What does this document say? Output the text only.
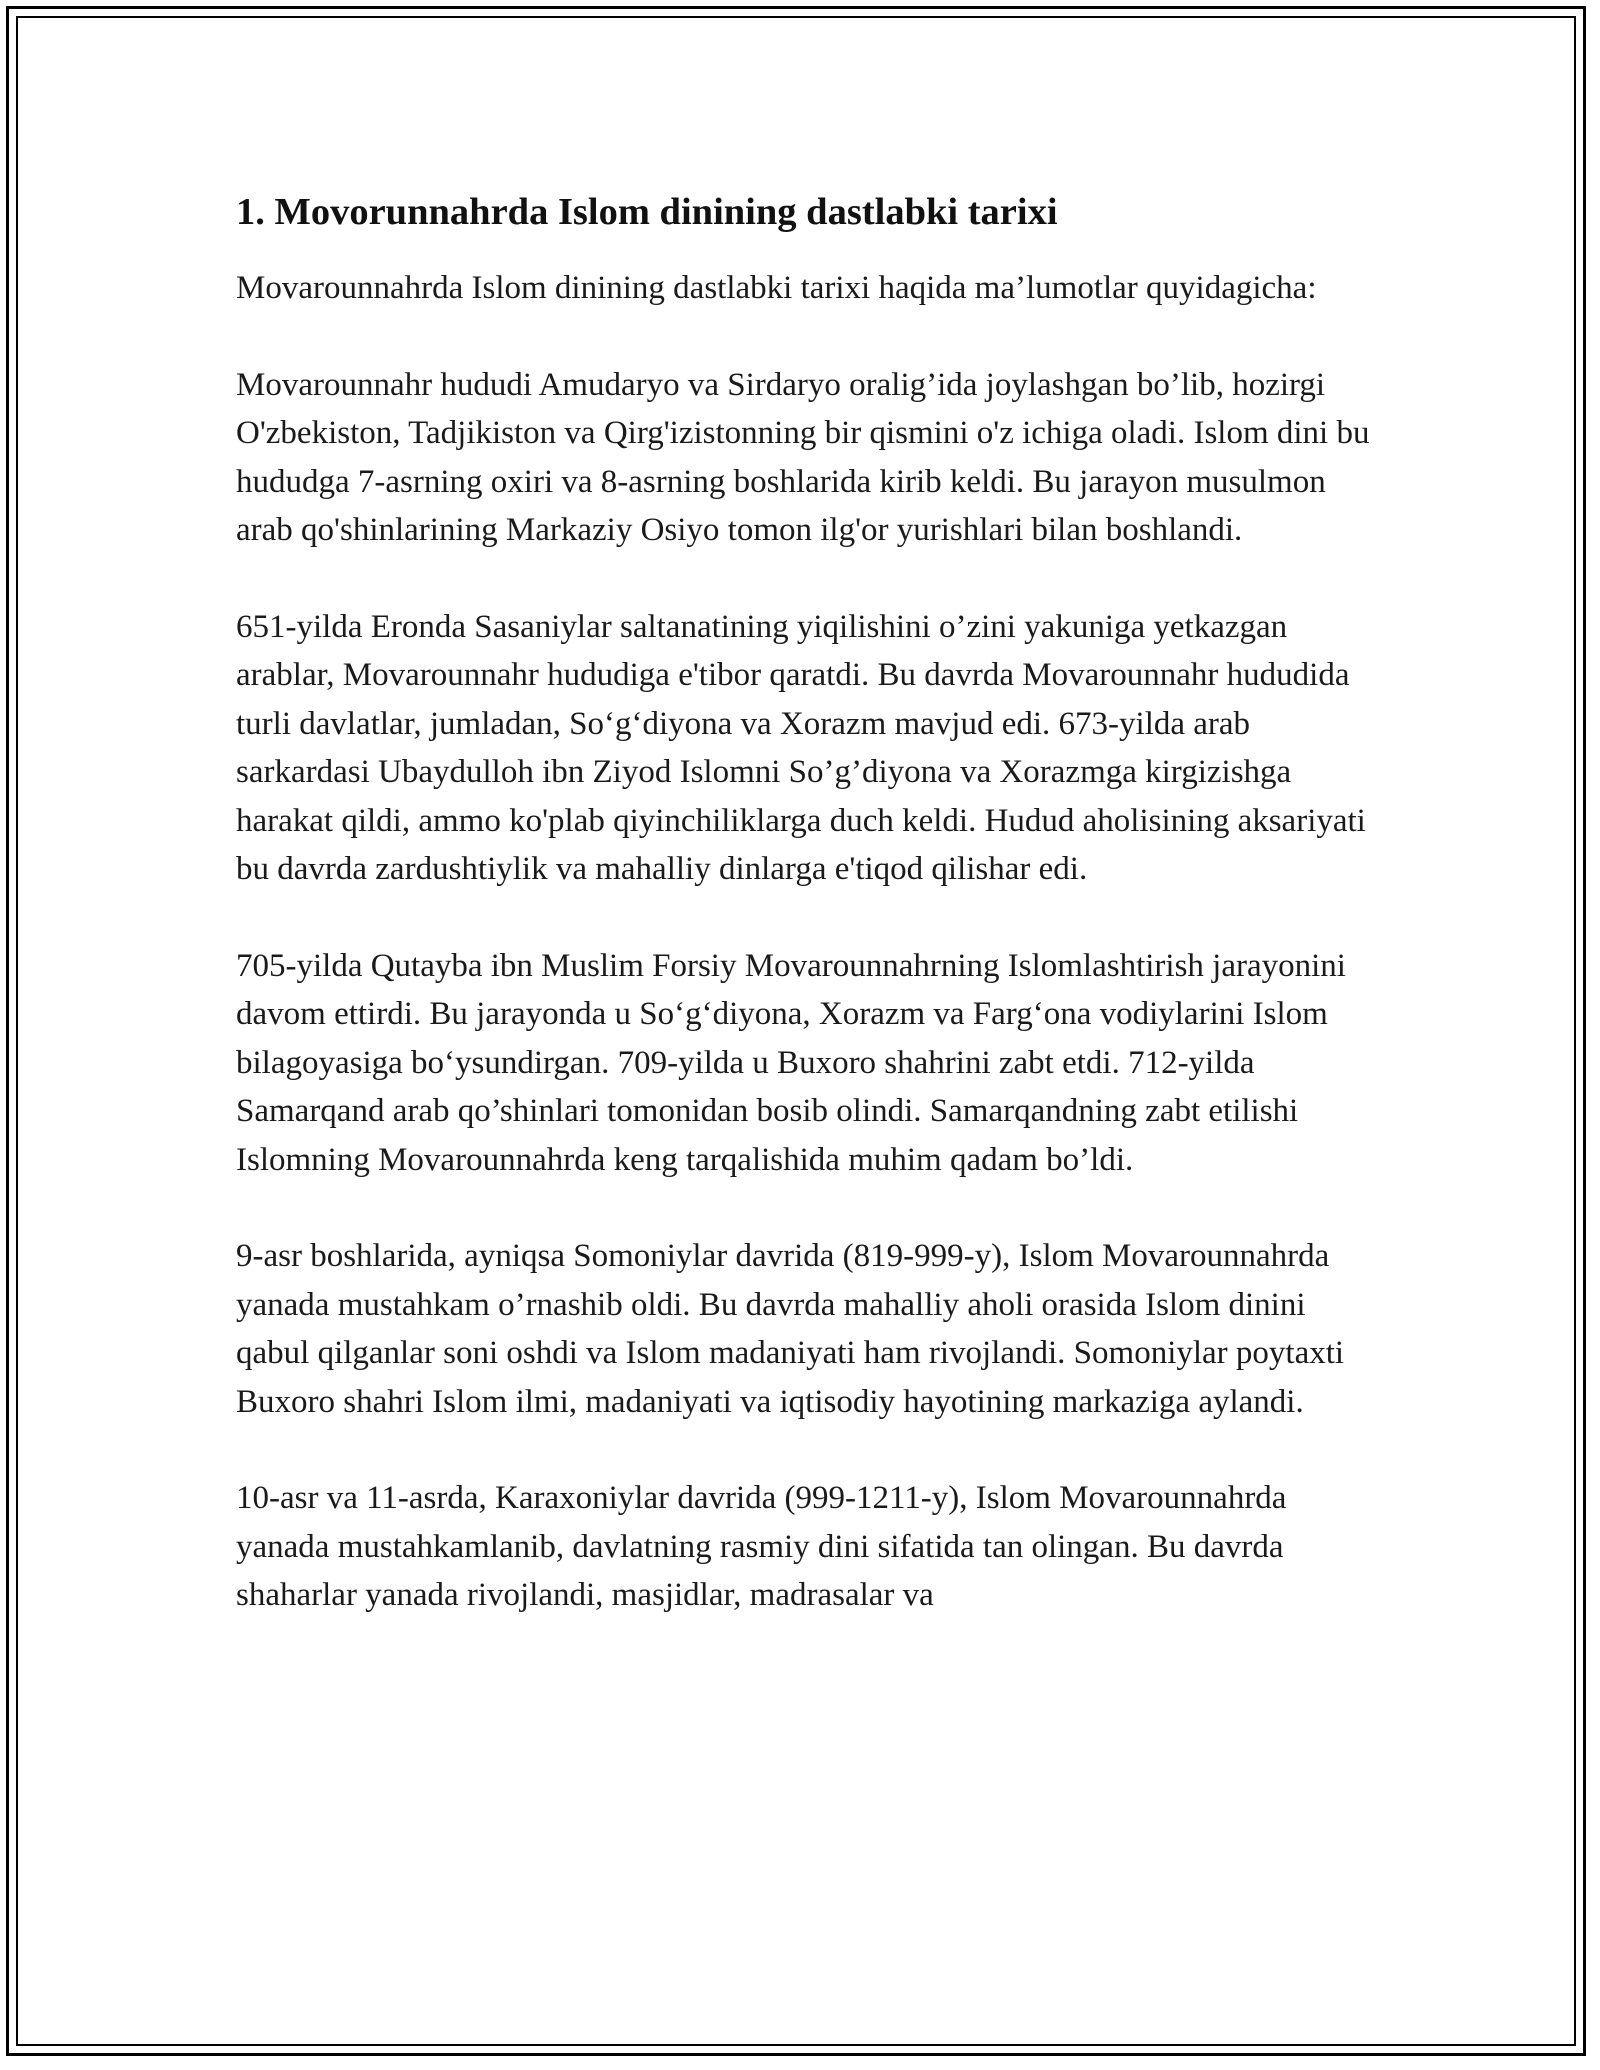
1. Movorunnahrda Islom dinining dastlabki tarixi

Movarounnahrda Islom dinining dastlabki tarixi haqida ma’lumotlar quyidagicha:

Movarounnahr hududi Amudaryo va Sirdaryo oralig’ida joylashgan bo’lib, hozirgi O'zbekiston, Tadjikiston va Qirg'izistonning bir qismini o'z ichiga oladi. Islom dini bu hududga 7-asrning oxiri va 8-asrning boshlarida kirib keldi. Bu jarayon musulmon arab qo'shinlarining Markaziy Osiyo tomon ilg'or yurishlari bilan boshlandi.

651-yilda Eronda Sasaniylar saltanatining yiqilishini o’zini yakuniga yetkazgan arablar, Movarounnahr hududiga e'tibor qaratdi. Bu davrda Movarounnahr hududida turli davlatlar, jumladan, So‘g‘diyona va Xorazm mavjud edi. 673-yilda arab sarkardasi Ubaydulloh ibn Ziyod Islomni So’g’diyona va Xorazmga kirgizishga harakat qildi, ammo ko'plab qiyinchiliklarga duch keldi. Hudud aholisining aksariyati bu davrda zardushtiylik va mahalliy dinlarga e'tiqod qilishar edi.

705-yilda Qutayba ibn Muslim Forsiy Movarounnahrning Islomlashtirish jarayonini davom ettirdi. Bu jarayonda u So‘g‘diyona, Xorazm va Farg‘ona vodiylarini Islom bilagoyasiga bo‘ysundirgan. 709-yilda u Buxoro shahrini zabt etdi. 712-yilda Samarqand arab qo’shinlari tomonidan bosib olindi. Samarqandning zabt etilishi Islomning Movarounnahrda keng tarqalishida muhim qadam bo’ldi.

9-asr boshlarida, ayniqsa Somoniylar davrida (819-999-y), Islom Movarounnahrda yanada mustahkam o’rnashib oldi. Bu davrda mahalliy aholi orasida Islom dinini qabul qilganlar soni oshdi va Islom madaniyati ham rivojlandi. Somoniylar poytaxti Buxoro shahri Islom ilmi, madaniyati va iqtisodiy hayotining markaziga aylandi.

10-asr va 11-asrda, Karaxoniylar davrida (999-1211-y), Islom Movarounnahrda yanada mustahkamlanib, davlatning rasmiy dini sifatida tan olingan. Bu davrda shaharlar yanada rivojlandi, masjidlar, madrasalar va
